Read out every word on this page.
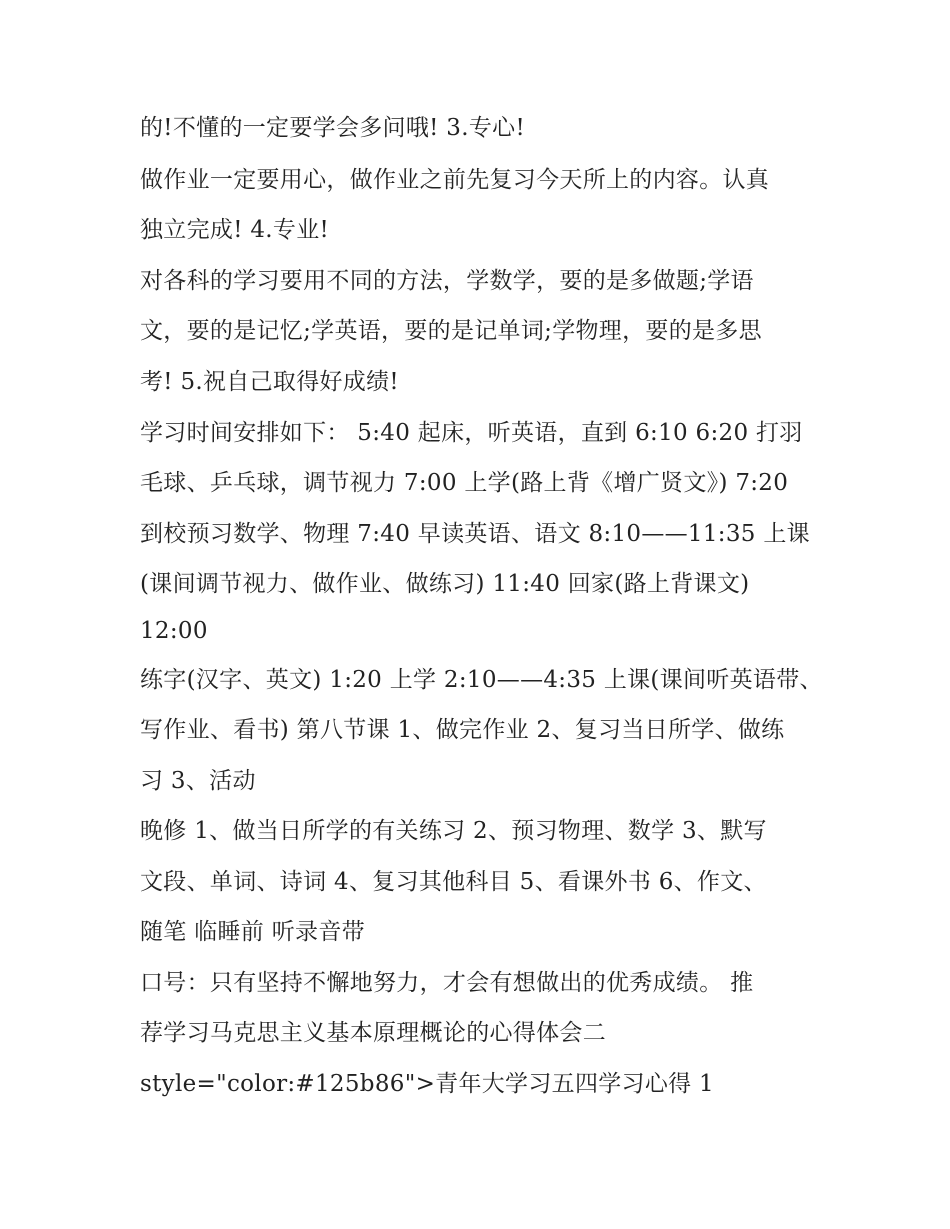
的!不懂的一定要学会多问哦! 3.专心!
做作业一定要用心，做作业之前先复习今天所上的内容。认真
独立完成! 4.专业!
对各科的学习要用不同的方法，学数学，要的是多做题;学语
文，要的是记忆;学英语，要的是记单词;学物理，要的是多思
考! 5.祝自己取得好成绩!
学习时间安排如下： 5:40 起床，听英语，直到 6:10 6:20 打羽
毛球、乒乓球，调节视力 7:00 上学(路上背《增广贤文》) 7:20
到校预习数学、物理 7:40 早读英语、语文 8:10——11:35 上课
(课间调节视力、做作业、做练习) 11:40 回家(路上背课文)
12:00
练字(汉字、英文) 1:20 上学 2:10——4:35 上课(课间听英语带、
写作业、看书) 第八节课 1、做完作业 2、复习当日所学、做练
习 3、活动
晚修 1、做当日所学的有关练习 2、预习物理、数学 3、默写
文段、单词、诗词 4、复习其他科目 5、看课外书 6、作文、
随笔 临睡前 听录音带
口号：只有坚持不懈地努力，才会有想做出的优秀成绩。 推
荐学习马克思主义基本原理概论的心得体会二
style="color:#125b86">青年大学习五四学习心得 1
